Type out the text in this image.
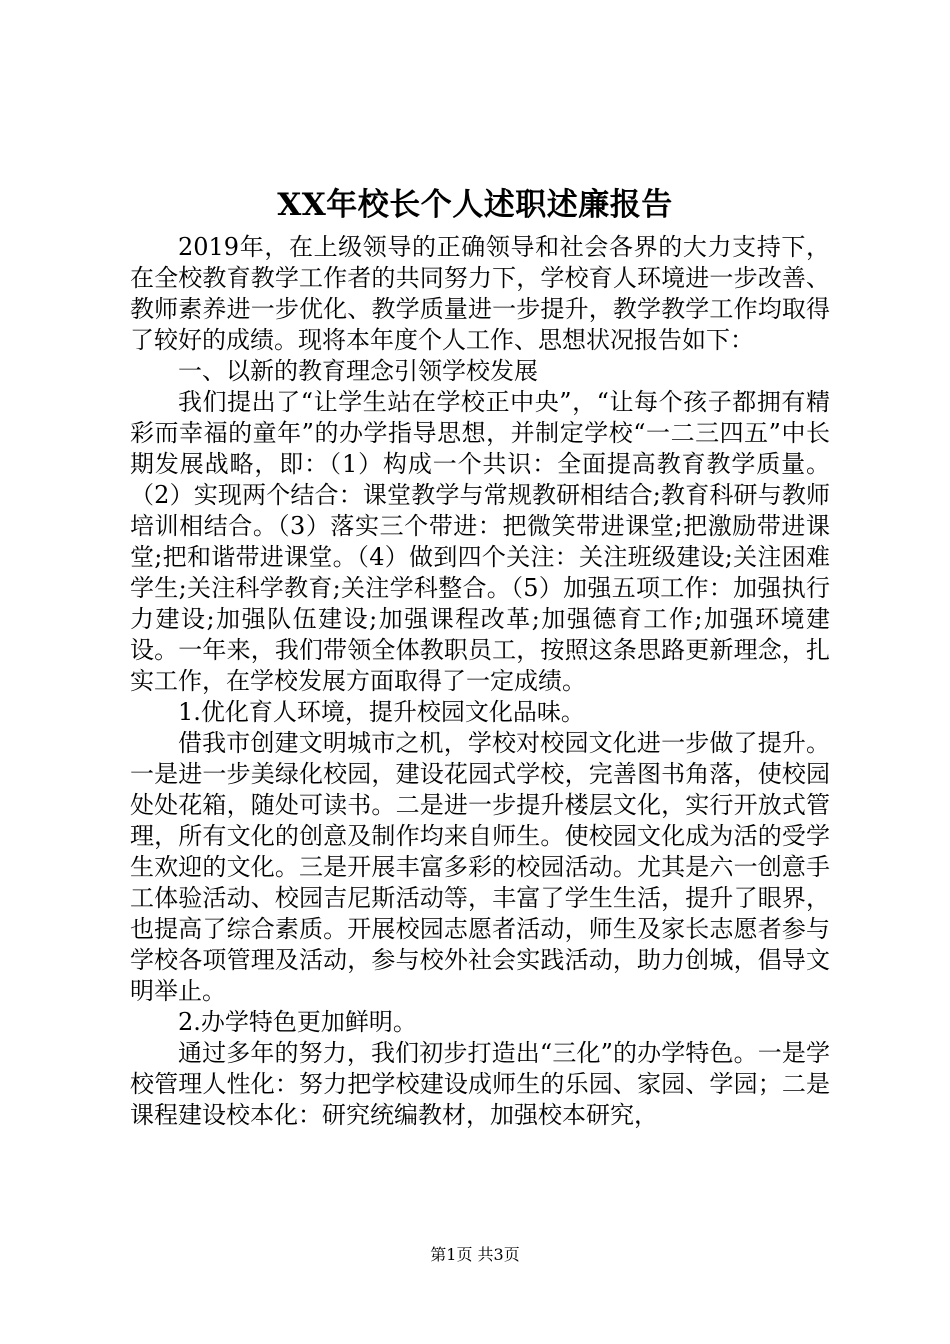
XX年校长个人述职述廉报告

2019年，在上级领导的正确领导和社会各界的大力支持下，在全校教育教学工作者的共同努力下，学校育人环境进一步改善、教师素养进一步优化、教学质量进一步提升，教学教学工作均取得了较好的成绩。现将本年度个人工作、思想状况报告如下：

一、以新的教育理念引领学校发展

我们提出了“让学生站在学校正中央”，“让每个孩子都拥有精彩而幸福的童年”的办学指导思想，并制定学校“一二三四五”中长期发展战略，即：（1）构成一个共识：全面提高教育教学质量。（2）实现两个结合：课堂教学与常规教研相结合;教育科研与教师培训相结合。（3）落实三个带进：把微笑带进课堂;把激励带进课堂;把和谐带进课堂。（4）做到四个关注：关注班级建设;关注困难学生;关注科学教育;关注学科整合。（5）加强五项工作：加强执行力建设;加强队伍建设;加强课程改革;加强德育工作;加强环境建设。一年来，我们带领全体教职员工，按照这条思路更新理念，扎实工作，在学校发展方面取得了一定成绩。

1.优化育人环境，提升校园文化品味。

借我市创建文明城市之机，学校对校园文化进一步做了提升。一是进一步美绿化校园，建设花园式学校，完善图书角落，使校园处处花箱，随处可读书。二是进一步提升楼层文化，实行开放式管理，所有文化的创意及制作均来自师生。使校园文化成为活的受学生欢迎的文化。三是开展丰富多彩的校园活动。尤其是六一创意手工体验活动、校园吉尼斯活动等，丰富了学生生活，提升了眼界，也提高了综合素质。开展校园志愿者活动，师生及家长志愿者参与学校各项管理及活动，参与校外社会实践活动，助力创城，倡导文明举止。

2.办学特色更加鲜明。

通过多年的努力，我们初步打造出“三化”的办学特色。一是学校管理人性化：努力把学校建设成师生的乐园、家园、学园；二是课程建设校本化：研究统编教材，加强校本研究，

第1页 共3页
